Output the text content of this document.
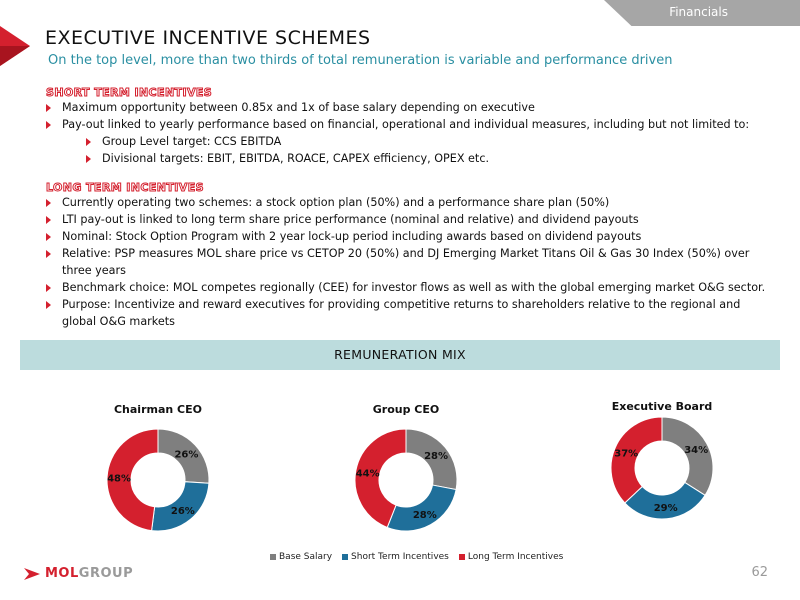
Financials
EXECUTIVE INCENTIVE SCHEMES
On the top level, more than two thirds of total remuneration is variable and performance driven
SHORT TERM INCENTIVES
Maximum opportunity between 0.85x and 1x of base salary depending on executive
Pay-out linked to yearly performance based on financial, operational and individual measures, including but not limited to:
Group Level target: CCS EBITDA
Divisional targets: EBIT, EBITDA, ROACE, CAPEX efficiency, OPEX etc.
LONG TERM INCENTIVES
Currently operating two schemes: a stock option plan (50%) and a performance share plan (50%)
LTI pay-out is linked to long term share price performance (nominal and relative) and dividend payouts
Nominal: Stock Option Program with 2 year lock-up period including awards based on dividend payouts
Relative: PSP measures MOL share price vs CETOP 20 (50%) and DJ Emerging Market Titans Oil & Gas 30 Index (50%) over three years
Benchmark choice: MOL competes regionally (CEE) for investor flows as well as with the global emerging market O&G sector.
Purpose: Incentivize and reward executives for providing competitive returns to shareholders relative to the regional and global O&G markets
REMUNERATION MIX
Chairman CEO
26%
26%
48%
Group CEO
28%
28%
44%
Executive Board
34%
29%
37%
Base Salary Short Term Incentives Long Term Incentives
MOLGROUP	62
